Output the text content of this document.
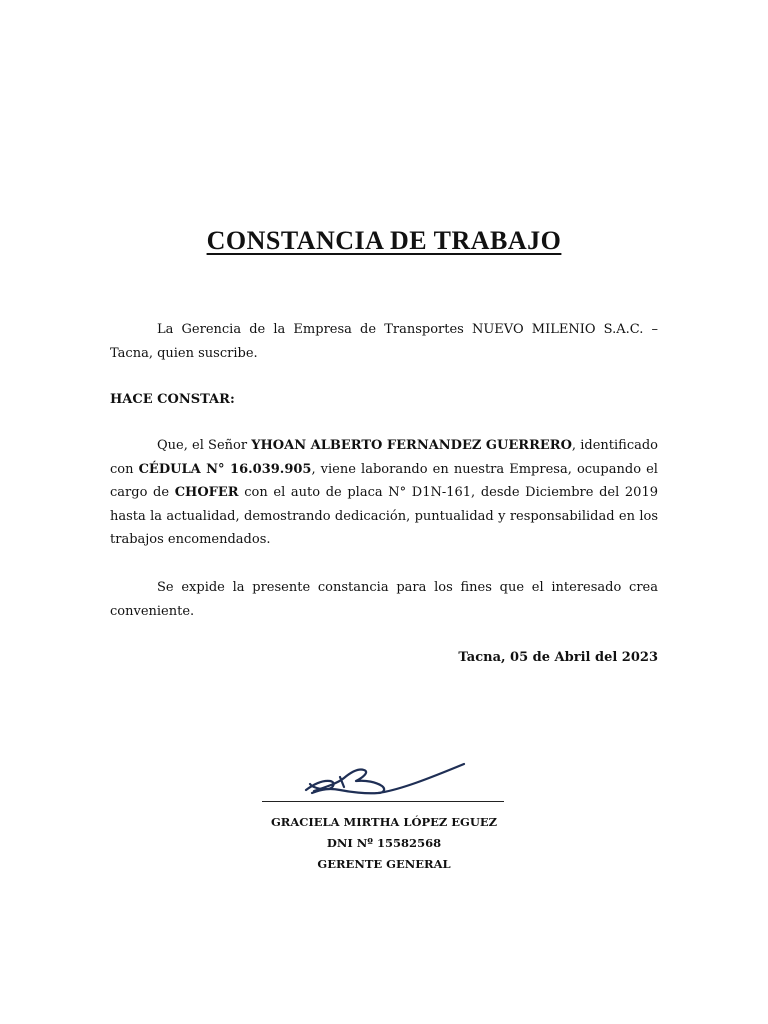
CONSTANCIA DE TRABAJO
La Gerencia de la Empresa de Transportes NUEVO MILENIO S.A.C. – Tacna, quien suscribe.
HACE CONSTAR:
Que, el Señor YHOAN ALBERTO FERNANDEZ GUERRERO, identificado con CÉDULA N° 16.039.905, viene laborando en nuestra Empresa, ocupando el cargo de CHOFER con el auto de placa N° D1N-161, desde Diciembre del 2019 hasta la actualidad, demostrando dedicación, puntualidad y responsabilidad en los trabajos encomendados.
Se expide la presente constancia para los fines que el interesado crea conveniente.
Tacna, 05 de Abril del 2023
GRACIELA MIRTHA LÓPEZ EGUEZ
DNI Nº 15582568
GERENTE GENERAL
